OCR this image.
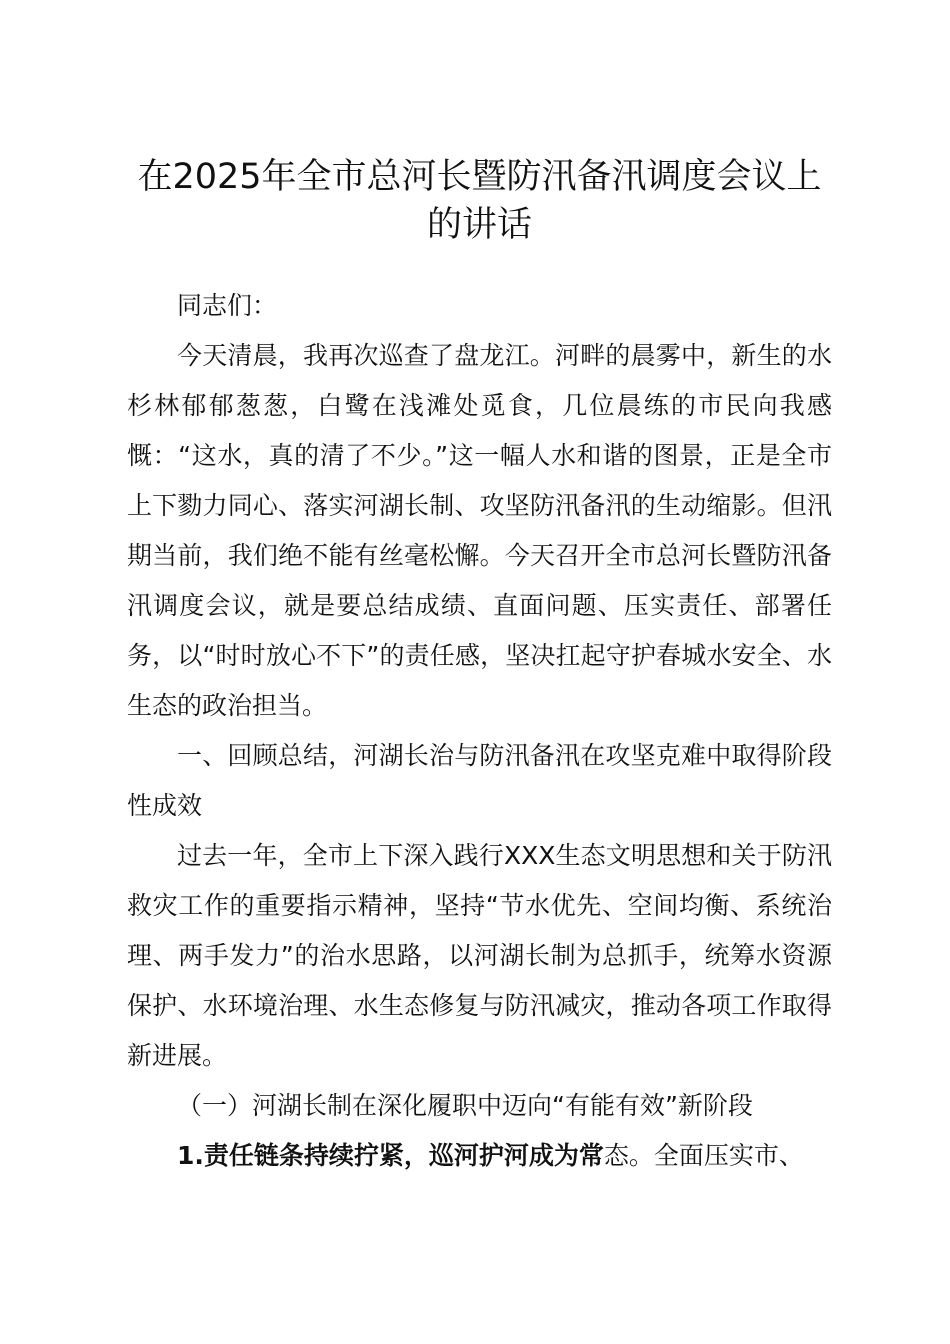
在2025年全市总河长暨防汛备汛调度会议上的讲话

同志们：

今天清晨，我再次巡查了盘龙江。河畔的晨雾中，新生的水杉林郁郁葱葱，白鹭在浅滩处觅食，几位晨练的市民向我感慨：“这水，真的清了不少。”这一幅人水和谐的图景，正是全市上下勠力同心、落实河湖长制、攻坚防汛备汛的生动缩影。但汛期当前，我们绝不能有丝毫松懈。今天召开全市总河长暨防汛备汛调度会议，就是要总结成绩、直面问题、压实责任、部署任务，以“时时放心不下”的责任感，坚决扛起守护春城水安全、水生态的政治担当。

一、回顾总结，河湖长治与防汛备汛在攻坚克难中取得阶段性成效

过去一年，全市上下深入践行XXX生态文明思想和关于防汛救灾工作的重要指示精神，坚持“节水优先、空间均衡、系统治理、两手发力”的治水思路，以河湖长制为总抓手，统筹水资源保护、水环境治理、水生态修复与防汛减灾，推动各项工作取得新进展。

（一）河湖长制在深化履职中迈向“有能有效”新阶段

1.责任链条持续拧紧，巡河护河成为常态。全面压实市、
